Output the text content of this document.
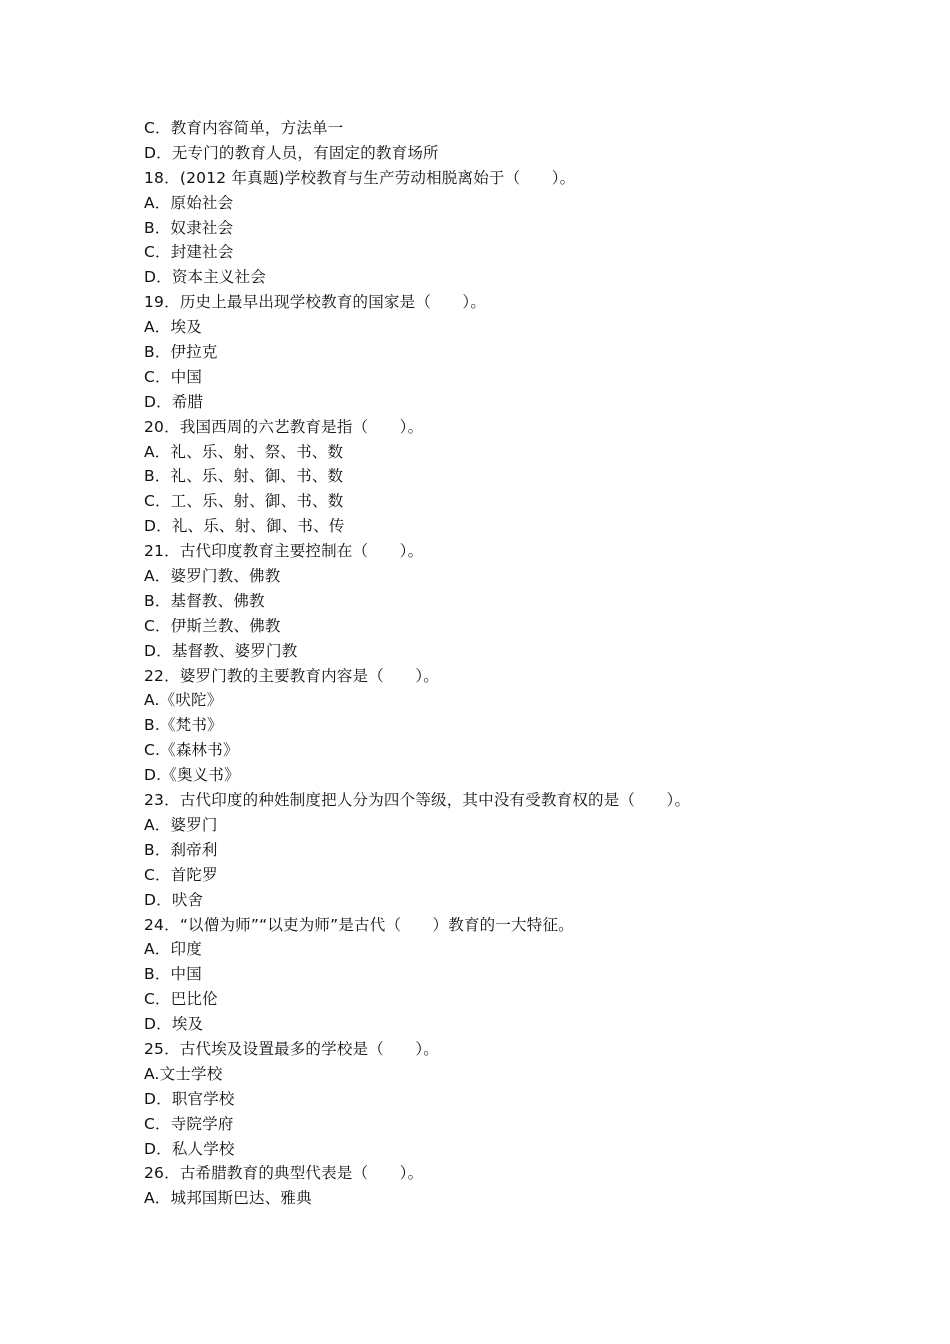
C．教育内容简单，方法单一
D．无专门的教育人员，有固定的教育场所
18．(2012 年真题)学校教育与生产劳动相脱离始于（　　）。
A．原始社会
B．奴隶社会
C．封建社会
D．资本主义社会
19．历史上最早出现学校教育的国家是（　　）。
A．埃及
B．伊拉克
C．中国
D．希腊
20．我国西周的六艺教育是指（　　）。
A．礼、乐、射、祭、书、数
B．礼、乐、射、御、书、数
C．工、乐、射、御、书、数
D．礼、乐、射、御、书、传
21．古代印度教育主要控制在（　　）。
A．婆罗门教、佛教
B．基督教、佛教
C．伊斯兰教、佛教
D．基督教、婆罗门教
22．婆罗门教的主要教育内容是（　　）。
A.《吠陀》
B.《梵书》
C.《森林书》
D.《奥义书》
23．古代印度的种姓制度把人分为四个等级，其中没有受教育权的是（　　）。
A．婆罗门
B．刹帝利
C．首陀罗
D．吠舍
24．“以僧为师”“以吏为师”是古代（　　）教育的一大特征。
A．印度
B．中国
C．巴比伦
D．埃及
25．古代埃及设置最多的学校是（　　）。
A.文士学校
D．职官学校
C．寺院学府
D．私人学校
26．古希腊教育的典型代表是（　　）。
A．城邦国斯巴达、雅典
